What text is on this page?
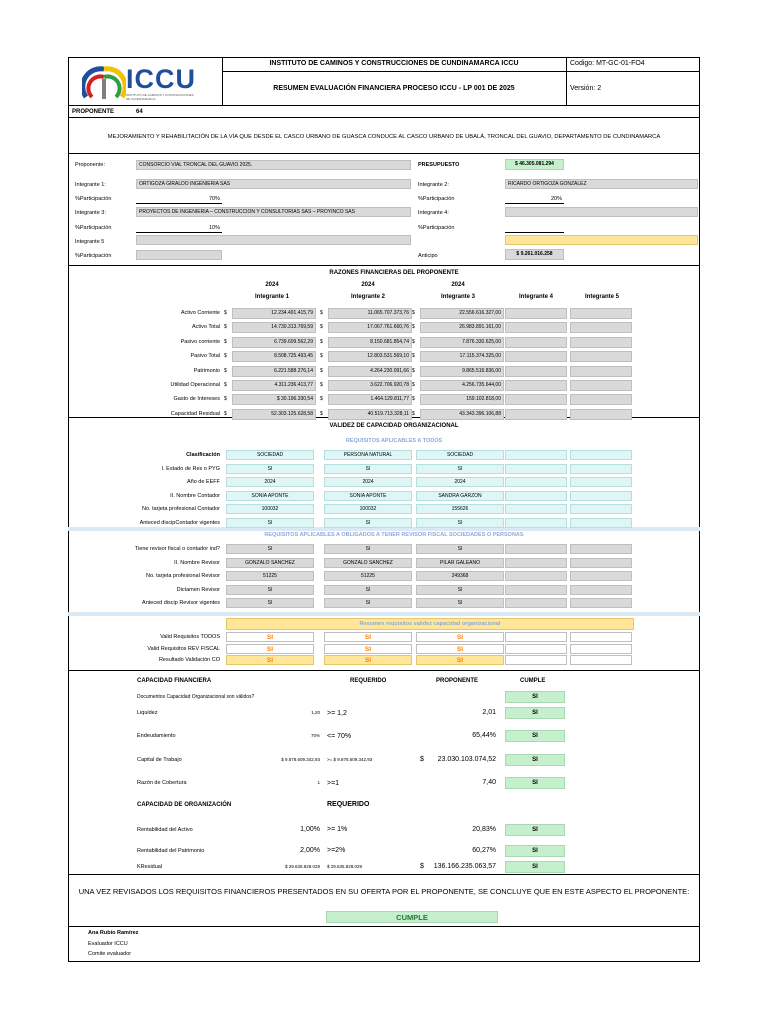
ICCU
INSTITUTO DE CAMINOS Y CONSTRUCCIONES DE CUNDINAMARCA
INSTITUTO DE CAMINOS Y CONSTRUCCIONES DE CUNDINAMARCA ICCU
RESUMEN EVALUACIÓN FINANCIERA PROCESO ICCU - LP 001 DE 2025
Codigo: MT-GC-01-FO4
Versión: 2
PROPONENTE	64
MEJORAMIENTO Y REHABILITACIÓN DE LA VÍA QUE DESDE EL CASCO URBANO DE GUASCA CONDUCE AL CASCO URBANO DE UBALÁ, TRONCAL DEL GUAVIO, DEPARTAMENTO DE CUNDINAMARCA
Proponente:	CONSORCIO VIAL TRONCAL DEL GUAVIO 2025.	PRESUPUESTO	$ 46.305.081.294
Integrante 1:	ORTIGOZA GIRALDO INGENIERIA SAS	Integrante 2:	RICARDO ORTIGOZA GONZALEZ
%Participación	70%	%Participación	20%
Integrante 3:	PROYECTOS DE INGENIERIA – CONSTRUCCION Y CONSULTORIAS SAS – PROYINCO SAS	Integrante 4:
%Participación	10%	%Participación
Integrante 5
%Participación	Anticipo	$ 9.261.016.258
RAZONES FINANCIERAS DEL PROPONENTE
2024	2024	2024
Integrante 1	Integrante 2	Integrante 3	Integrante 4	Integrante 5
VALIDEZ DE CAPACIDAD ORGANIZACIONAL
REQUISITOS APLICABLES A TODOS
REQUISITOS APLICABLES A OBLIGADOS A TENER REVISOR FISCAL SOCIEDADES O PERSONAS
Resumen requisitos validez capacidad organizacional
CAPACIDAD FINANCIERA	REQUERIDO	PROPONENTE	CUMPLE
Documentos Capacidad Organizacional son válidos?	SI
CAPACIDAD DE ORGANIZACIÓN	REQUERIDO
UNA VEZ REVISADOS LOS REQUISITOS FINANCIEROS PRESENTADOS EN SU OFERTA POR EL PROPONENTE, SE CONCLUYE QUE EN ESTE ASPECTO EL PROPONENTE:
CUMPLE
Ana Rubio Ramírez
Evaluador ICCU
Comite evaluador
Activo Corriente $	12.234.491.415,79	$	11.065.707.373,76 $	22.556.616.327,00
Activo Total $	14.730.313.769,59	$	17.067.761.660,76 $	26.983.891.161,00
Pasivo corriente $	6.739.609.562,29	$	8.150.681.854,74 $	7.876.330.625,00
Pasivo Total $	8.508.725.493,45	$	12.803.531.569,10 $	17.115.374.325,00
Patrimonio $	6.221.588.276,14	$	4.264.230.091,66 $	9.865.516.836,00
Utilidad Operacional $	4.311.236.413,77	$	3.622.706.920,78 $	4.256.735.644,00
Gasto de Intereses $	$ 30.196.330,54	$	1.464.129.811,77 $	159.102.818,00
Capacidad Residual $	52.303.125.628,58	$	40.519.713.328,11 $	43.343.396.106,88
Clasificación	SOCIEDAD	PERSONA NATURAL	SOCIEDAD
I. Estado de Res o PYG	SI	SI	SI
Año de EEFF	2024	2024	2024
II. Nombre Contador	SONIA APONTE	SONIA APONTE	SANDRA GARZON
No. tarjeta profesional Contador	100032	100032	155626
Anteced discipContador vigentes	SI	SI	SI
Tiene revisor fiscal o contador ind?	SI	SI	SI
II. Nombre Revisor	GONZALO SANCHEZ	GONZALO SANCHEZ	PILAR GALEANO
No. tarjeta profesional Revisor	51225	51225	249368
Dictamen Revisor	SI	SI	SI
Anteced discip Revisor vigentes	SI	SI	SI
Valid Requisitos TODOS	SI	SI	SI
Valid Requisitos REV FISCAL	SI	SI	SI
Resultado Validación CO	SI	SI	SI
Liquidez	1,20 >= 1,2	2,01	SI
Endeudamiento	70% <= 70%	65,44%	SI
Capital de Trabajo	$ 9.878.609.342,93 >= $ 9.878.609.342,93	$	23.030.103.074,52	SI
Razón de Cobertura	1 >=1	7,40	SI
Rentabilidad del Activo	1,00% >= 1%	20,83%	SI
Rentabilidad del Patrimonio	2,00% >=2%	60,27%	SI
KResidual	$ 29.635.828.029 $ 29.635.828.029	$	136.166.235.063,57	SI
